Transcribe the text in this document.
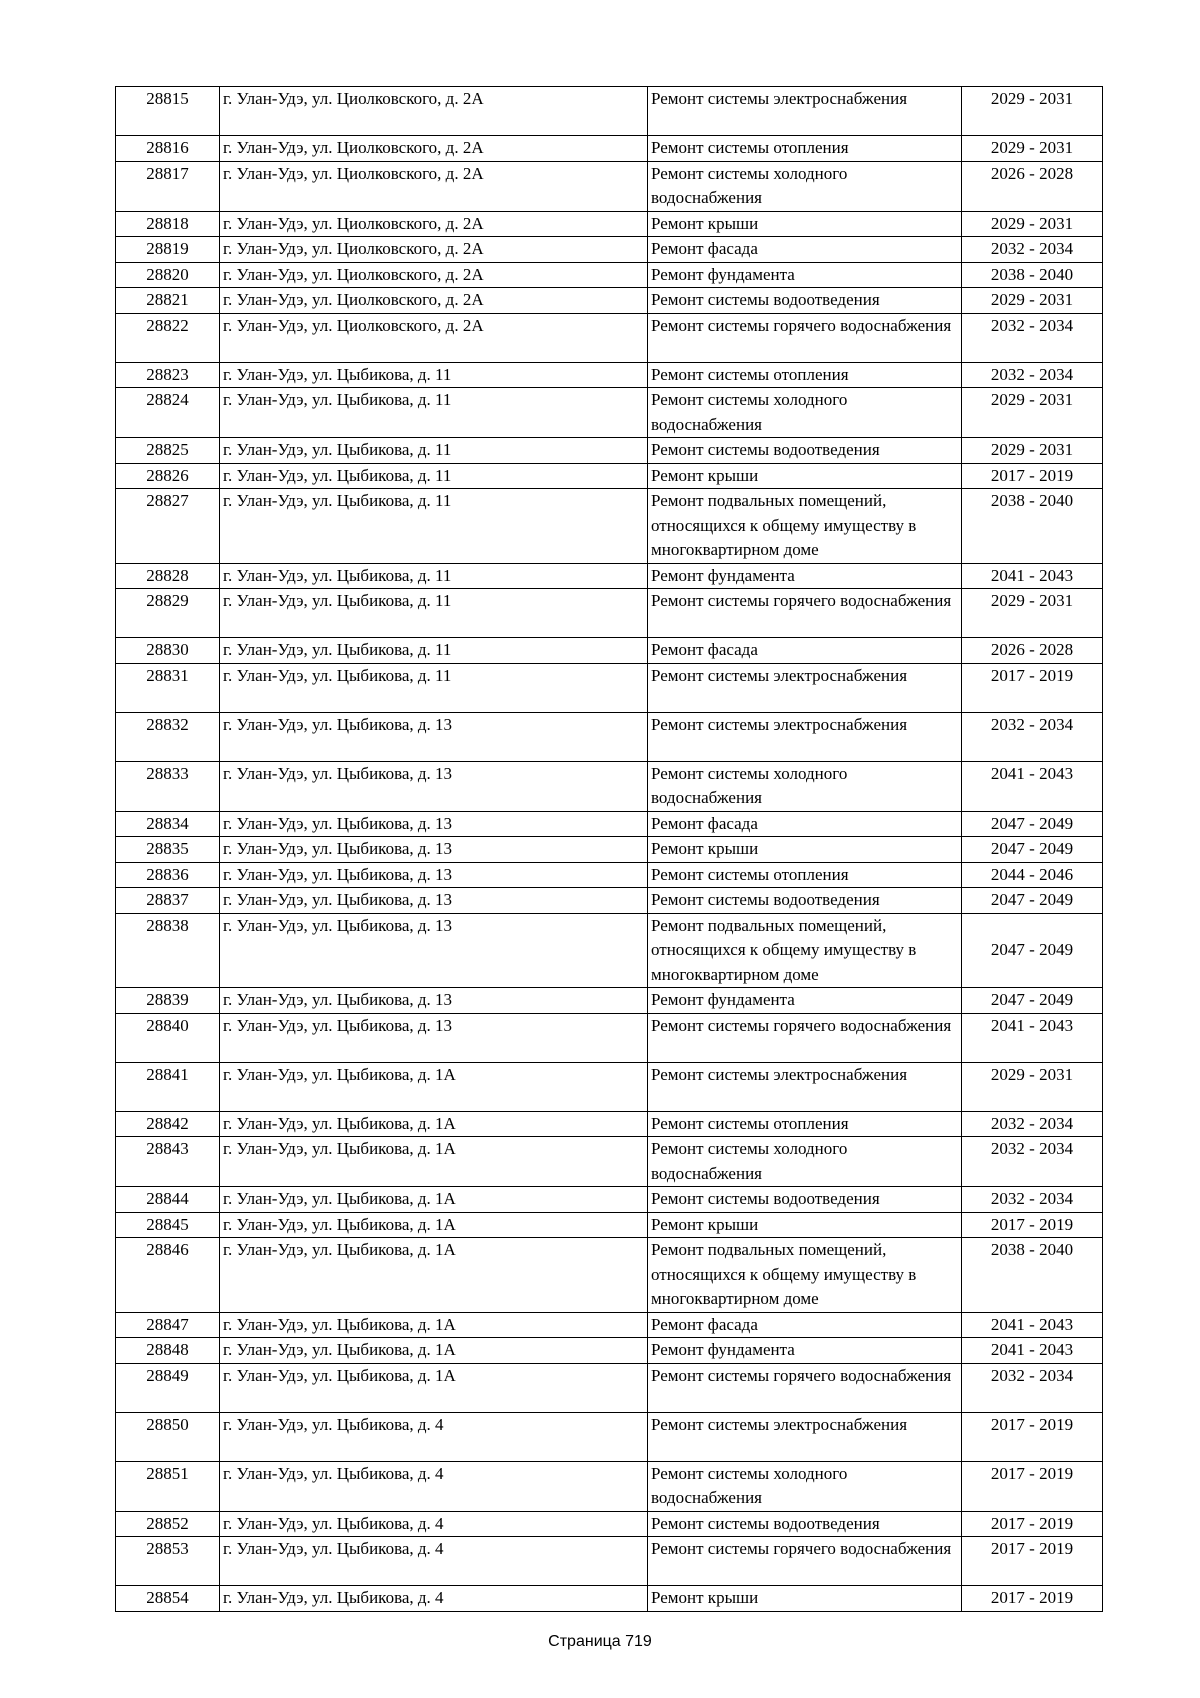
28815	г. Улан-Удэ, ул. Циолковского, д. 2А	Ремонт системы электроснабжения	2029 - 2031
28816	г. Улан-Удэ, ул. Циолковского, д. 2А	Ремонт системы отопления	2029 - 2031
28817	г. Улан-Удэ, ул. Циолковского, д. 2А	Ремонт системы холодного водоснабжения	2026 - 2028
28818	г. Улан-Удэ, ул. Циолковского, д. 2А	Ремонт крыши	2029 - 2031
28819	г. Улан-Удэ, ул. Циолковского, д. 2А	Ремонт фасада	2032 - 2034
28820	г. Улан-Удэ, ул. Циолковского, д. 2А	Ремонт фундамента	2038 - 2040
28821	г. Улан-Удэ, ул. Циолковского, д. 2А	Ремонт системы водоотведения	2029 - 2031
28822	г. Улан-Удэ, ул. Циолковского, д. 2А	Ремонт системы горячего водоснабжения	2032 - 2034
28823	г. Улан-Удэ, ул. Цыбикова, д. 11	Ремонт системы отопления	2032 - 2034
28824	г. Улан-Удэ, ул. Цыбикова, д. 11	Ремонт системы холодного водоснабжения	2029 - 2031
28825	г. Улан-Удэ, ул. Цыбикова, д. 11	Ремонт системы водоотведения	2029 - 2031
28826	г. Улан-Удэ, ул. Цыбикова, д. 11	Ремонт крыши	2017 - 2019
28827	г. Улан-Удэ, ул. Цыбикова, д. 11	Ремонт подвальных помещений, относящихся к общему имуществу в многоквартирном доме	2038 - 2040
28828	г. Улан-Удэ, ул. Цыбикова, д. 11	Ремонт фундамента	2041 - 2043
28829	г. Улан-Удэ, ул. Цыбикова, д. 11	Ремонт системы горячего водоснабжения	2029 - 2031
28830	г. Улан-Удэ, ул. Цыбикова, д. 11	Ремонт фасада	2026 - 2028
28831	г. Улан-Удэ, ул. Цыбикова, д. 11	Ремонт системы электроснабжения	2017 - 2019
28832	г. Улан-Удэ, ул. Цыбикова, д. 13	Ремонт системы электроснабжения	2032 - 2034
28833	г. Улан-Удэ, ул. Цыбикова, д. 13	Ремонт системы холодного водоснабжения	2041 - 2043
28834	г. Улан-Удэ, ул. Цыбикова, д. 13	Ремонт фасада	2047 - 2049
28835	г. Улан-Удэ, ул. Цыбикова, д. 13	Ремонт крыши	2047 - 2049
28836	г. Улан-Удэ, ул. Цыбикова, д. 13	Ремонт системы отопления	2044 - 2046
28837	г. Улан-Удэ, ул. Цыбикова, д. 13	Ремонт системы водоотведения	2047 - 2049
28838	г. Улан-Удэ, ул. Цыбикова, д. 13	Ремонт подвальных помещений, относящихся к общему имуществу в многоквартирном доме	2047 - 2049
28839	г. Улан-Удэ, ул. Цыбикова, д. 13	Ремонт фундамента	2047 - 2049
28840	г. Улан-Удэ, ул. Цыбикова, д. 13	Ремонт системы горячего водоснабжения	2041 - 2043
28841	г. Улан-Удэ, ул. Цыбикова, д. 1А	Ремонт системы электроснабжения	2029 - 2031
28842	г. Улан-Удэ, ул. Цыбикова, д. 1А	Ремонт системы отопления	2032 - 2034
28843	г. Улан-Удэ, ул. Цыбикова, д. 1А	Ремонт системы холодного водоснабжения	2032 - 2034
28844	г. Улан-Удэ, ул. Цыбикова, д. 1А	Ремонт системы водоотведения	2032 - 2034
28845	г. Улан-Удэ, ул. Цыбикова, д. 1А	Ремонт крыши	2017 - 2019
28846	г. Улан-Удэ, ул. Цыбикова, д. 1А	Ремонт подвальных помещений, относящихся к общему имуществу в многоквартирном доме	2038 - 2040
28847	г. Улан-Удэ, ул. Цыбикова, д. 1А	Ремонт фасада	2041 - 2043
28848	г. Улан-Удэ, ул. Цыбикова, д. 1А	Ремонт фундамента	2041 - 2043
28849	г. Улан-Удэ, ул. Цыбикова, д. 1А	Ремонт системы горячего водоснабжения	2032 - 2034
28850	г. Улан-Удэ, ул. Цыбикова, д. 4	Ремонт системы электроснабжения	2017 - 2019
28851	г. Улан-Удэ, ул. Цыбикова, д. 4	Ремонт системы холодного водоснабжения	2017 - 2019
28852	г. Улан-Удэ, ул. Цыбикова, д. 4	Ремонт системы водоотведения	2017 - 2019
28853	г. Улан-Удэ, ул. Цыбикова, д. 4	Ремонт системы горячего водоснабжения	2017 - 2019
28854	г. Улан-Удэ, ул. Цыбикова, д. 4	Ремонт крыши	2017 - 2019
Страница 719
